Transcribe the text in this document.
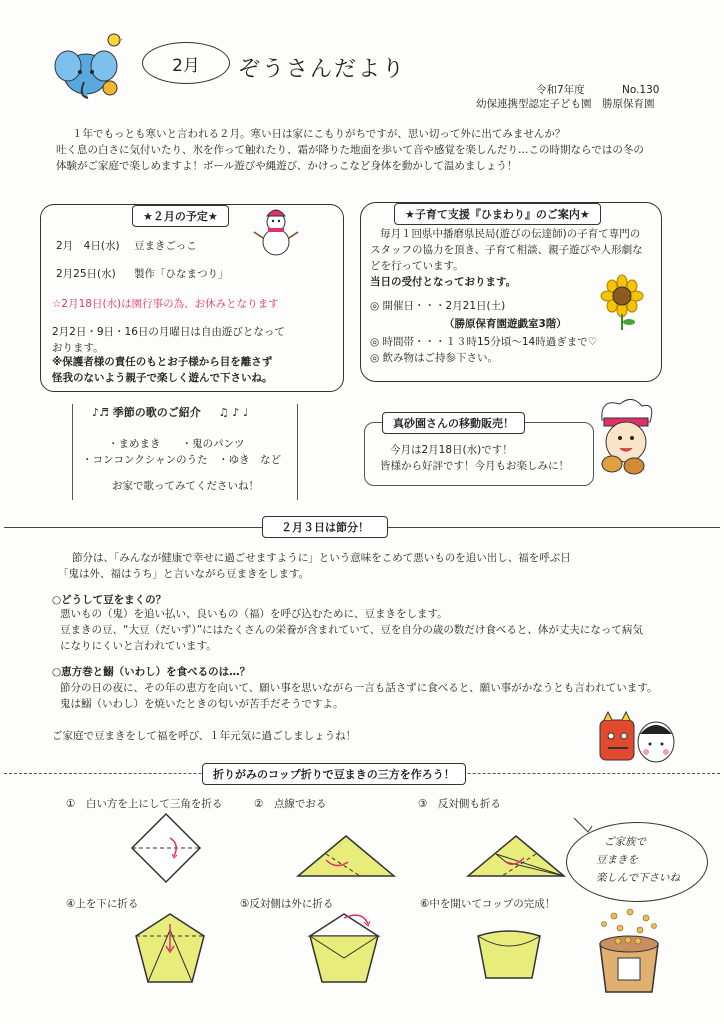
2月 ぞうさんだより
令和7年度	No.130
幼保連携型認定子ども園　勝原保育園
１年でもっとも寒いと言われる２月。寒い日は家にこもりがちですが、思い切って外に出てみませんか？
吐く息の白さに気付いたり、氷を作って触れたり、霜が降りた地面を歩いて音や感覚を楽しんだり…この時期ならではの冬の
体験がご家庭で楽しめますよ！ボール遊びや縄遊び、かけっこなど身体を動かして温めましょう！
★２月の予定★
2月　4日(水) 豆まきごっこ
2月25日(水) 製作「ひなまつり」
☆2月18日(水)は園行事の為、お休みとなります
2月2日・9日・16日の月曜日は自由遊びとなって
おります。
※保護者様の責任のもとお子様から目を離さず
怪我のないよう親子で楽しく遊んで下さいね。
♪♬ 季節の歌のご紹介 ♫ ♪ ♩
・まめまき　　・鬼のパンツ
・コンコンクシャンのうた　・ゆき　など
お家で歌ってみてくださいね！
★子育て支援『ひまわり』のご案内★
毎月１回県中播磨県民局(遊びの伝達師)の子育て専門の
スタッフの協力を頂き、子育て相談、親子遊びや人形劇な
どを行っています。
当日の受付となっております。
◎ 開催日・・・2月21日(土)
（勝原保育園遊戯室3階）
◎ 時間帯・・・１３時15分頃～14時過ぎまで♡
◎ 飲み物はご持参下さい。
真砂園さんの移動販売！
今月は2月18日(水)です！
皆様から好評です！今月もお楽しみに！
２月３日は節分！
節分は、「みんなが健康で幸せに過ごせますように」という意味をこめて悪いものを追い出し、福を呼ぶ日
「鬼は外、福はうち」と言いながら豆まきをします。
○どうして豆をまくの？
悪いもの（鬼）を追い払い、良いもの（福）を呼び込むために、豆まきをします。
豆まきの豆、“大豆（だいず）”にはたくさんの栄養が含まれていて、豆を自分の歳の数だけ食べると、体が丈夫になって病気
になりにくいと言われています。
○恵方巻と鰯（いわし）を食べるのは…？
節分の日の夜に、その年の恵方を向いて、願い事を思いながら一言も話さずに食べると、願い事がかなうとも言われています。
鬼は鰯（いわし）を焼いたときの匂いが苦手だそうですよ。
ご家庭で豆まきをして福を呼び、１年元気に過ごしましょうね！
折りがみのコップ折りで豆まきの三方を作ろう！
①　白い方を上にして三角を折る	②　点線でおる	③　反対側も折る
ご家族で
豆まきを
楽しんで下さいね
④上を下に折る	⑤反対側は外に折る	⑥中を開いてコップの完成！
